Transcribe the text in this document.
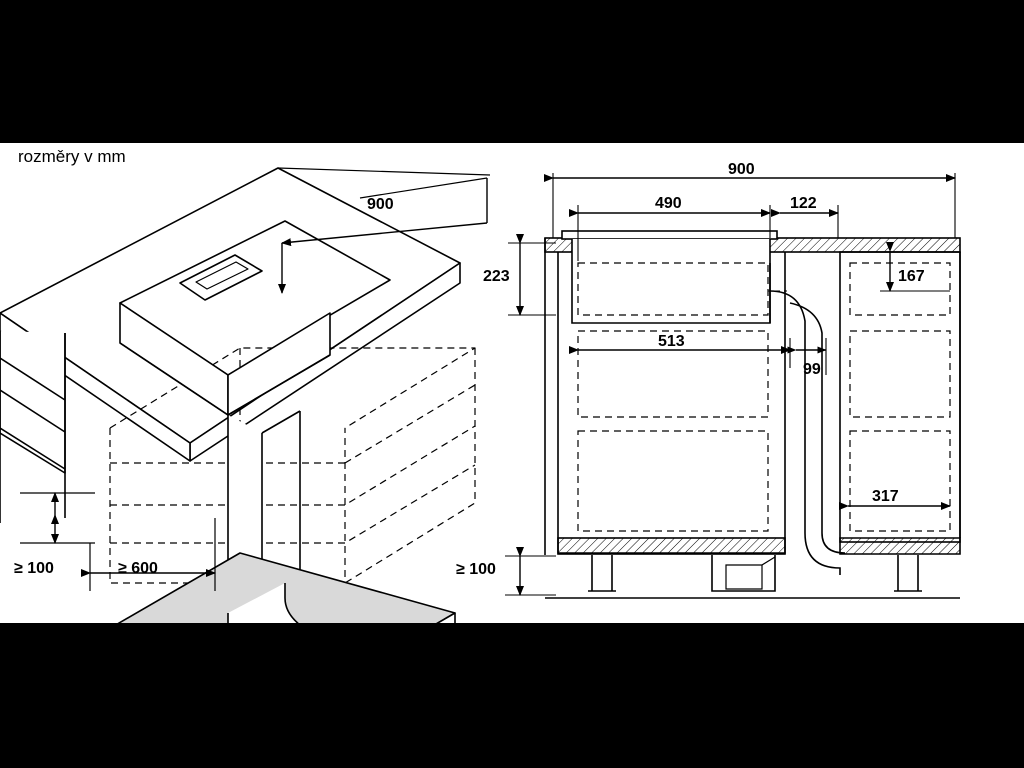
rozměry v mm
900
≥ 100	≥ 600
900
490	122
223	167
513
99
317
≥ 100
